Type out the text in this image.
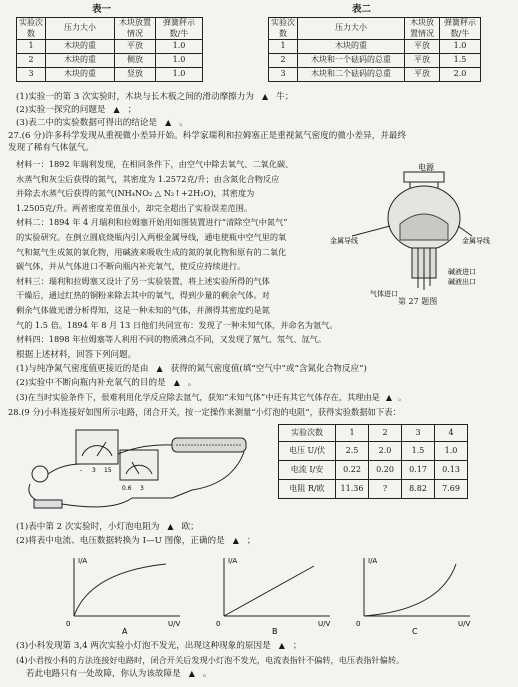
表一
实验次数	压力大小	木块放置情况	弹簧秤示数/牛
1	木块的重	平放	1.0
2	木块的重	侧放	1.0
3	木块的重	竖放	1.0
表二
实验次数	压力大小	木块放置情况	弹簧秤示数/牛
1	木块的重	平放	1.0
2	木块和一个砝码的总重	平放	1.5
3	木块和二个砝码的总重	平放	2.0
(1)实验一的第 3 次实验时，木块与长木板之间的滑动摩擦力为 ▲ 牛；
(2)实验一探究的问题是 ▲ ；
(3)表二中的实验数据可得出的结论是 ▲ 。
27.(6 分)许多科学发现从重视微小差异开始。科学家瑞利和拉姆塞正是重视氮气密度的微小差异，并最终
发现了稀有气体氩气。
材料一：1892 年瑞利发现，在相同条件下，由空气中除去氧气、二氧化碳、
水蒸气和灰尘后获得的氮气，其密度为 1.2572克/升；由含氮化合物反应
并除去水蒸气后获得的氮气(NH₄NO₂ △ N₂↑+2H₂O)，其密度为
1.2505克/升。两者密度差值虽小，却完全超出了实验误差范围。
材料二：1894 年 4 月瑞利和拉姆塞开始用如图装置进行“清除空气中氮气”
的实验研究。在倒立圆底烧瓶内引入两根金属导线，通电使瓶中空气里的氧
气和氮气生成氮的氧化物，用碱液来吸收生成的氮的氧化物和原有的二氧化
碳气体，并从气体进口不断向瓶内补充氧气，使反应持续进行。
材料三：瑞利和拉姆塞又设计了另一实验装置，将上述实验所得的气体
干燥后，通过红热的铜粉来除去其中的氧气，得到少量的剩余气体。对
剩余气体做光谱分析得知，这是一种未知的气体，并测得其密度约是氮
气的 1.5 倍。1894 年 8 月 13 日他们共同宣布：发现了一种未知气体，并命名为氩气。
材料四：1898 年拉姆塞等人利用不同的物质沸点不同，又发现了氪气、氖气、氙气。
电源
金属导线	金属导线
碱液进口
碱液出口
气体进口
第 27 题图
根据上述材料，回答下列问题。
(1)与纯净氮气密度值更接近的是由 ▲ 获得的氮气密度值(填“空气中”或“含氮化合物反应”)
(2)实验中不断向瓶内补充氧气的目的是 ▲ 。
(3)在当时实验条件下，很难利用化学反应除去氩气，获知“未知气体”中还有其它气体存在，其理由是 ▲ 。
28.(9 分)小科连接好如图所示电路，闭合开关，按一定操作来测量“小灯泡的电阻”，获得实验数据如下表：
0.6 3
- 3 15
实验次数	1	2	3	4
电压 U/伏	2.5	2.0	1.5	1.0
电流 I/安	0.22	0.20	0.17	0.13
电阻 R/欧	11.36	?	8.82	7.69
(1)表中第 2 次实验时，小灯泡电阻为 ▲ 欧；
(2)将表中电流、电压数据转换为 I—U 图像，正确的是 ▲ ；
I/A
U/V
0
A
I/A
U/V
0
B
I/A
U/V
0
C
(3)小科发现第 3,4 两次实验小灯泡不发光，出现这种现象的原因是 ▲ ；
(4)小君按小科的方法连接好电路时，闭合开关后发现小灯泡不发光，电流表指针不偏转，电压表指针偏转。
若此电路只有一处故障，你认为该故障是 ▲ 。
